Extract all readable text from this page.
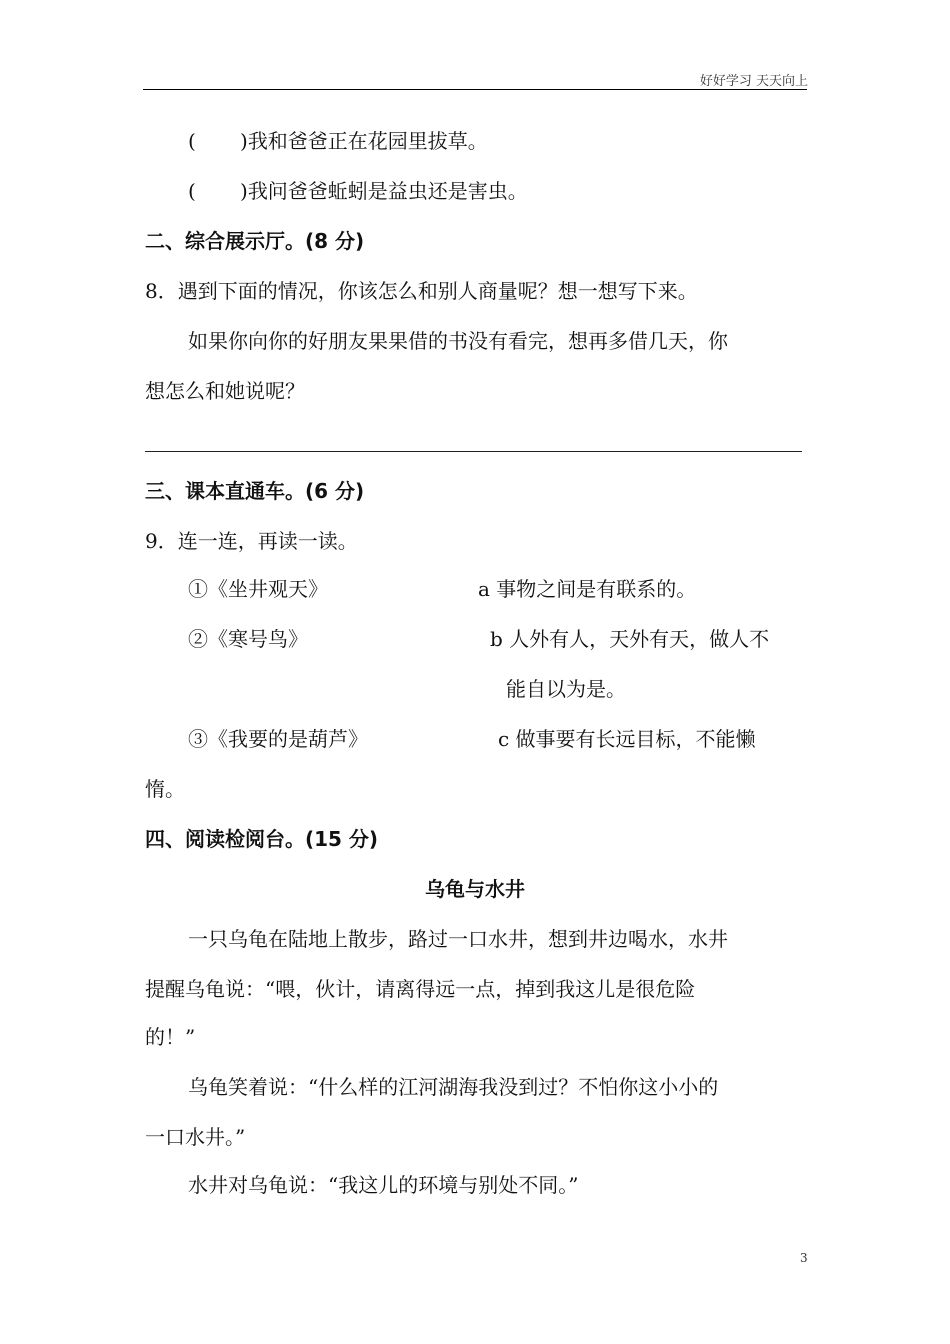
好好学习 天天向上
( )我和爸爸正在花园里拔草。
( )我问爸爸蚯蚓是益虫还是害虫。
二、综合展示厅。(8 分)
8．遇到下面的情况，你该怎么和别人商量呢？想一想写下来。
如果你向你的好朋友果果借的书没有看完，想再多借几天，你
想怎么和她说呢？
三、课本直通车。(6 分)
9．连一连，再读一读。
①《坐井观天》	a 事物之间是有联系的。
②《寒号鸟》	b 人外有人，天外有天，做人不
能自以为是。
③《我要的是葫芦》	c 做事要有长远目标，不能懒
惰。
四、阅读检阅台。(15 分)
乌龟与水井
一只乌龟在陆地上散步，路过一口水井，想到井边喝水，水井
提醒乌龟说：“喂，伙计，请离得远一点，掉到我这儿是很危险
的！”
乌龟笑着说：“什么样的江河湖海我没到过？不怕你这小小的
一口水井。”
水井对乌龟说：“我这儿的环境与别处不同。”
3
